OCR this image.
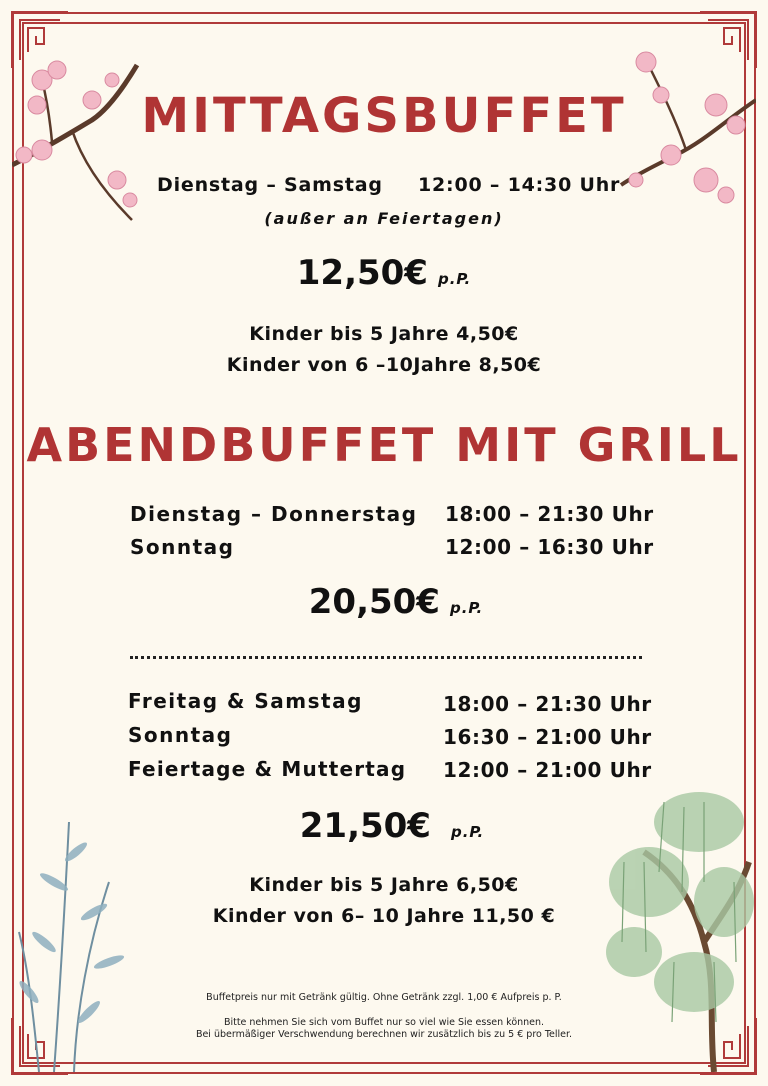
MITTAGSBUFFET
Dienstag – Samstag 12:00 – 14:30 Uhr
(außer an Feiertagen)
12,50€ p.P.
Kinder bis 5 Jahre 4,50€
Kinder von 6 –10Jahre 8,50€
ABENDBUFFET MIT GRILL
Dienstag – Donnerstag 18:00 – 21:30 Uhr
Sonntag	12:00 – 16:30 Uhr
20,50€ p.P.
Freitag & Samstag	18:00 – 21:30 Uhr
Sonntag	16:30 – 21:00 Uhr
Feiertage & Muttertag 12:00 – 21:00 Uhr
21,50€ p.P.
Kinder bis 5 Jahre 6,50€
Kinder von 6– 10 Jahre 11,50 €
Buffetpreis nur mit Getränk gültig. Ohne Getränk zzgl. 1,00 € Aufpreis p. P.
Bitte nehmen Sie sich vom Buffet nur so viel wie Sie essen können.
Bei übermäßiger Verschwendung berechnen wir zusätzlich bis zu 5 € pro Teller.
